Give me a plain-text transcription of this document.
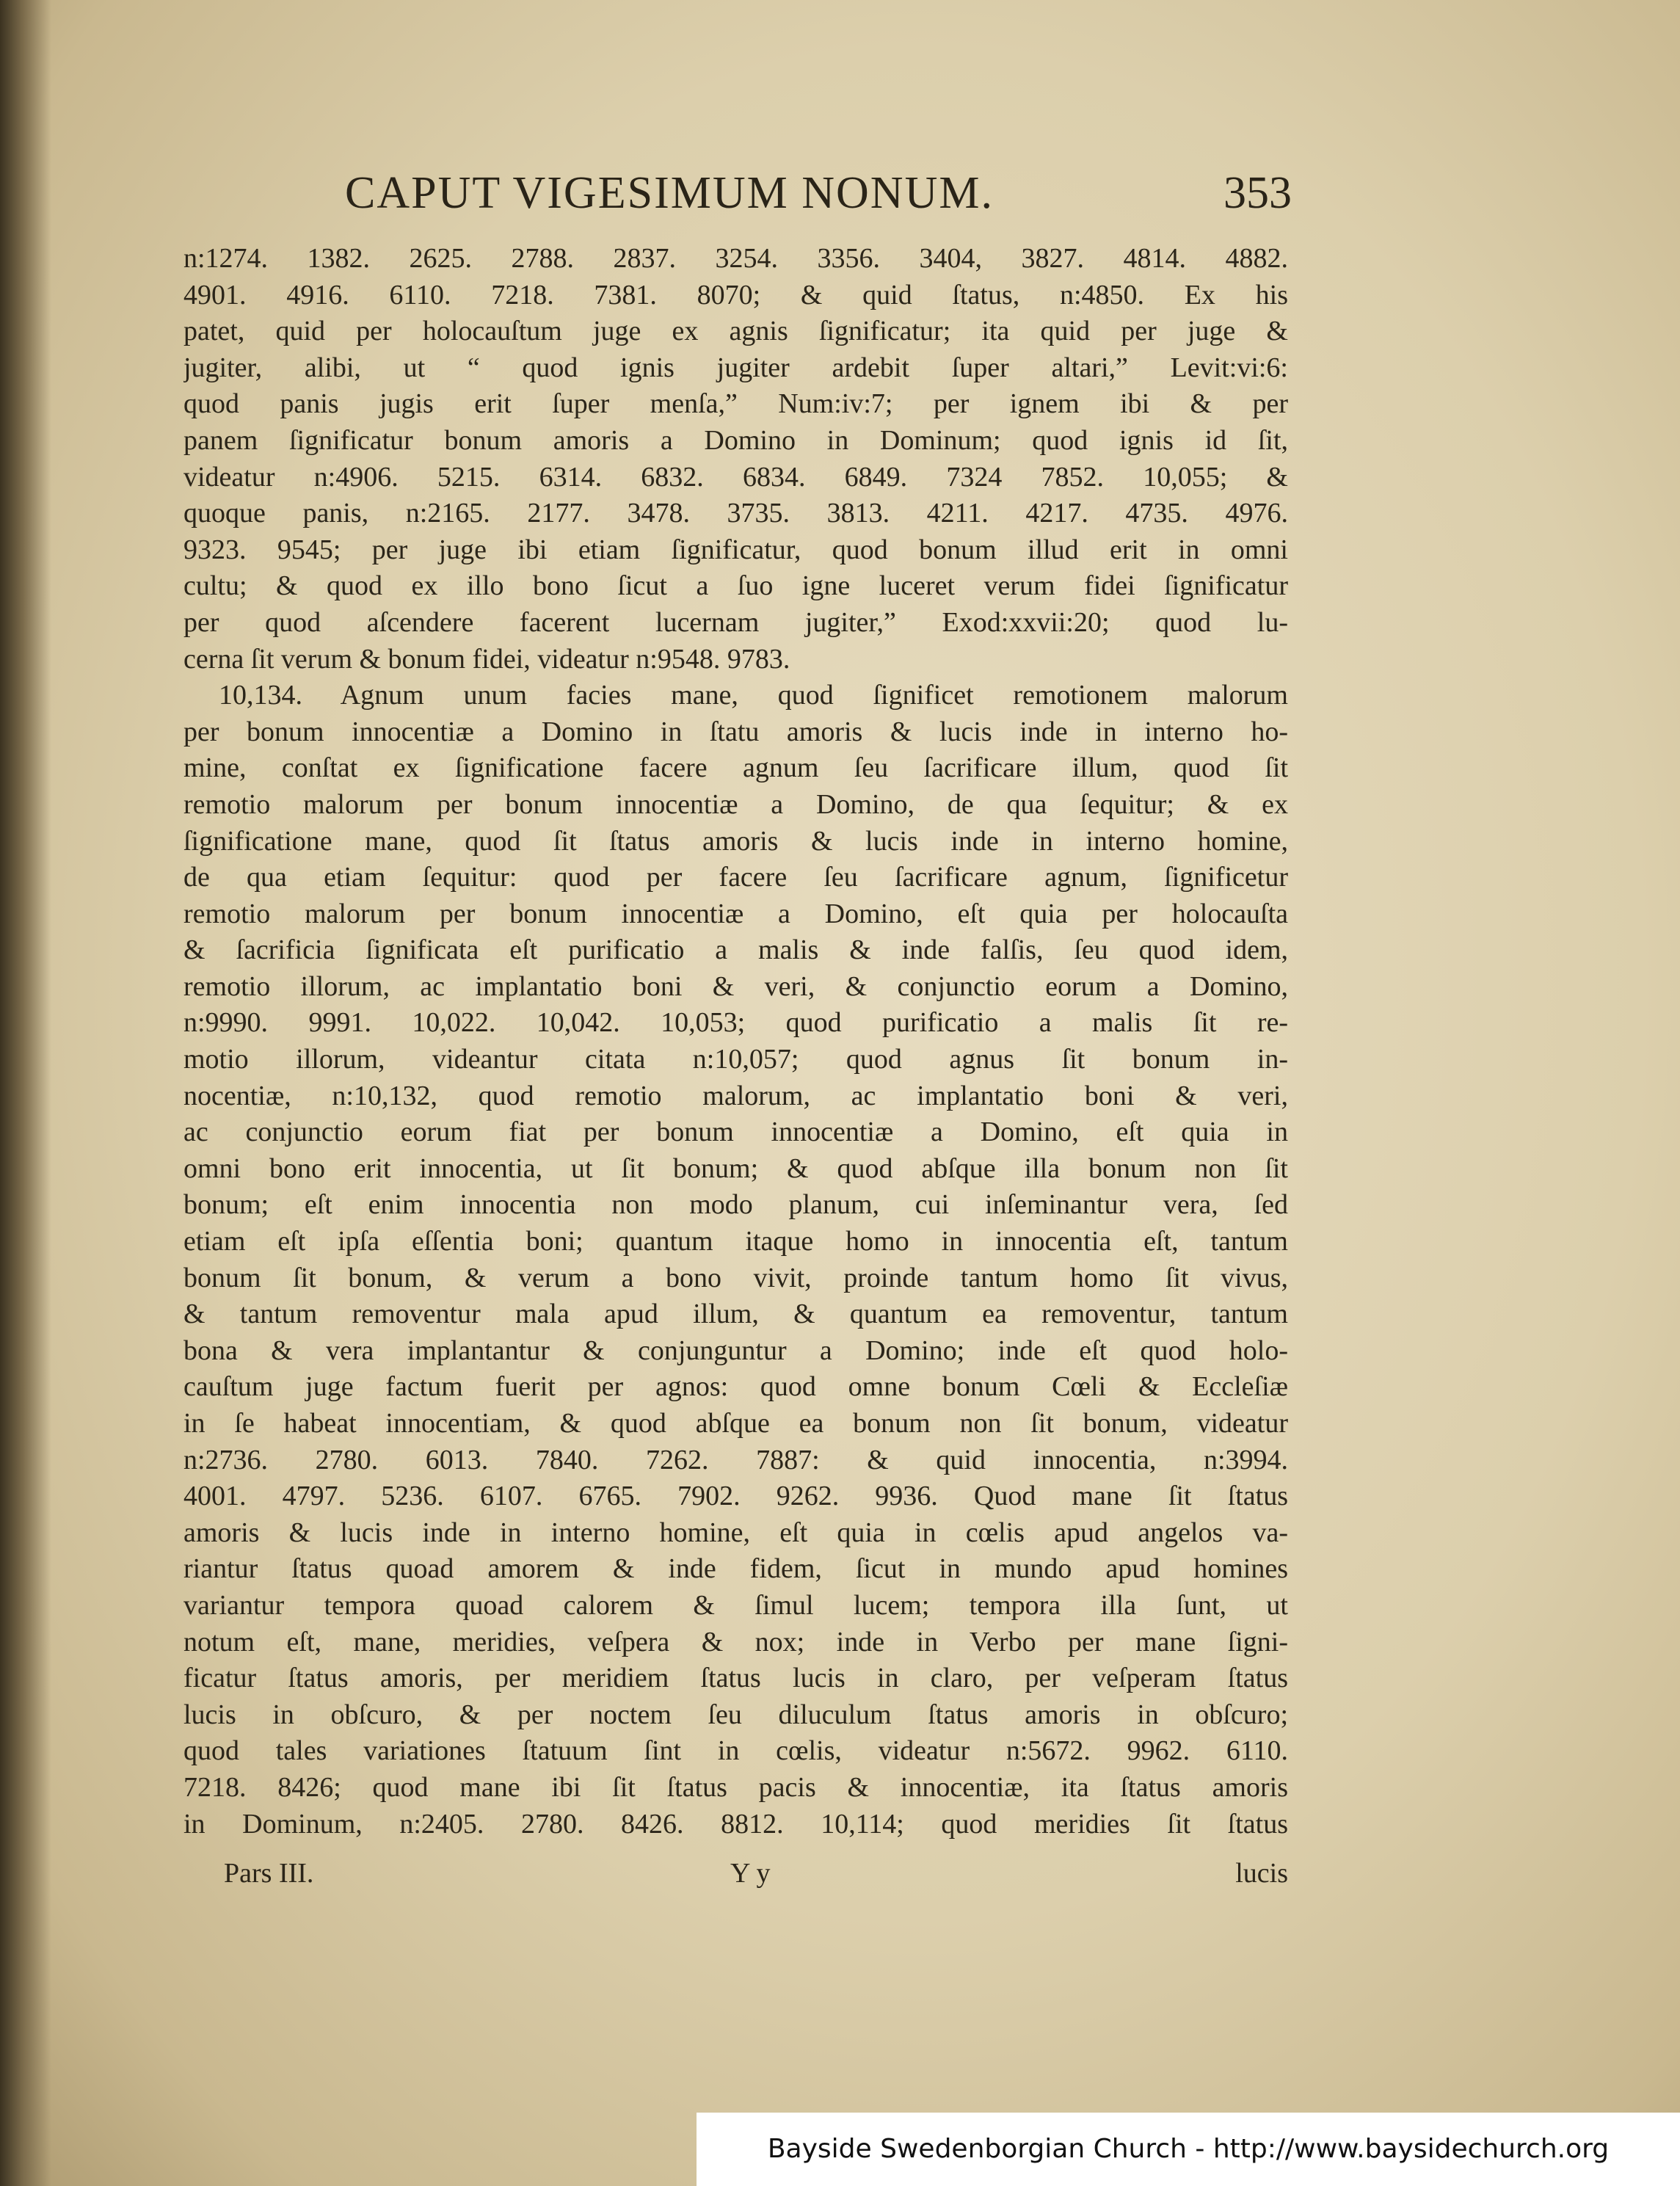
CAPUT VIGESIMUM NONUM.	353
n:1274. 1382. 2625. 2788. 2837. 3254. 3356. 3404, 3827. 4814. 4882.
4901. 4916. 6110. 7218. 7381. 8070; & quid ſtatus, n:4850. Ex his
patet, quid per holocauſtum juge ex agnis ſignificatur; ita quid per juge &
jugiter, alibi, ut “ quod ignis jugiter ardebit ſuper altari,” Levit:vi:6:
quod panis jugis erit ſuper menſa,” Num:iv:7; per ignem ibi & per
panem ſignificatur bonum amoris a Domino in Dominum; quod ignis id ſit,
videatur n:4906. 5215. 6314. 6832. 6834. 6849. 7324 7852. 10,055; &
quoque panis, n:2165. 2177. 3478. 3735. 3813. 4211. 4217. 4735. 4976.
9323. 9545; per juge ibi etiam ſignificatur, quod bonum illud erit in omni
cultu; & quod ex illo bono ſicut a ſuo igne luceret verum fidei ſignificatur
per quod aſcendere facerent lucernam jugiter,” Exod:xxvii:20; quod lu-
cerna ſit verum & bonum fidei, videatur n:9548. 9783.
10,134. Agnum unum facies mane, quod ſignificet remotionem malorum
per bonum innocentiæ a Domino in ſtatu amoris & lucis inde in interno ho-
mine, conſtat ex ſignificatione facere agnum ſeu ſacrificare illum, quod ſit
remotio malorum per bonum innocentiæ a Domino, de qua ſequitur; & ex
ſignificatione mane, quod ſit ſtatus amoris & lucis inde in interno homine,
de qua etiam ſequitur: quod per facere ſeu ſacrificare agnum, ſignificetur
remotio malorum per bonum innocentiæ a Domino, eſt quia per holocauſta
& ſacrificia ſignificata eſt purificatio a malis & inde falſis, ſeu quod idem,
remotio illorum, ac implantatio boni & veri, & conjunctio eorum a Domino,
n:9990. 9991. 10,022. 10,042. 10,053; quod purificatio a malis ſit re-
motio illorum, videantur citata n:10,057; quod agnus ſit bonum in-
nocentiæ, n:10,132, quod remotio malorum, ac implantatio boni & veri,
ac conjunctio eorum fiat per bonum innocentiæ a Domino, eſt quia in
omni bono erit innocentia, ut ſit bonum; & quod abſque illa bonum non ſit
bonum; eſt enim innocentia non modo planum, cui inſeminantur vera, ſed
etiam eſt ipſa eſſentia boni; quantum itaque homo in innocentia eſt, tantum
bonum ſit bonum, & verum a bono vivit, proinde tantum homo ſit vivus,
& tantum removentur mala apud illum, & quantum ea removentur, tantum
bona & vera implantantur & conjunguntur a Domino; inde eſt quod holo-
cauſtum juge factum fuerit per agnos: quod omne bonum Cœli & Eccleſiæ
in ſe habeat innocentiam, & quod abſque ea bonum non ſit bonum, videatur
n:2736. 2780. 6013. 7840. 7262. 7887: & quid innocentia, n:3994.
4001. 4797. 5236. 6107. 6765. 7902. 9262. 9936. Quod mane ſit ſtatus
amoris & lucis inde in interno homine, eſt quia in cœlis apud angelos va-
riantur ſtatus quoad amorem & inde fidem, ſicut in mundo apud homines
variantur tempora quoad calorem & ſimul lucem; tempora illa ſunt, ut
notum eſt, mane, meridies, veſpera & nox; inde in Verbo per mane ſigni-
ficatur ſtatus amoris, per meridiem ſtatus lucis in claro, per veſperam ſtatus
lucis in obſcuro, & per noctem ſeu diluculum ſtatus amoris in obſcuro;
quod tales variationes ſtatuum ſint in cœlis, videatur n:5672. 9962. 6110.
7218. 8426; quod mane ibi ſit ſtatus pacis & innocentiæ, ita ſtatus amoris
in Dominum, n:2405. 2780. 8426. 8812. 10,114; quod meridies ſit ſtatus
Pars III.	Y y	lucis
Bayside Swedenborgian Church - http://www.baysidechurch.org
